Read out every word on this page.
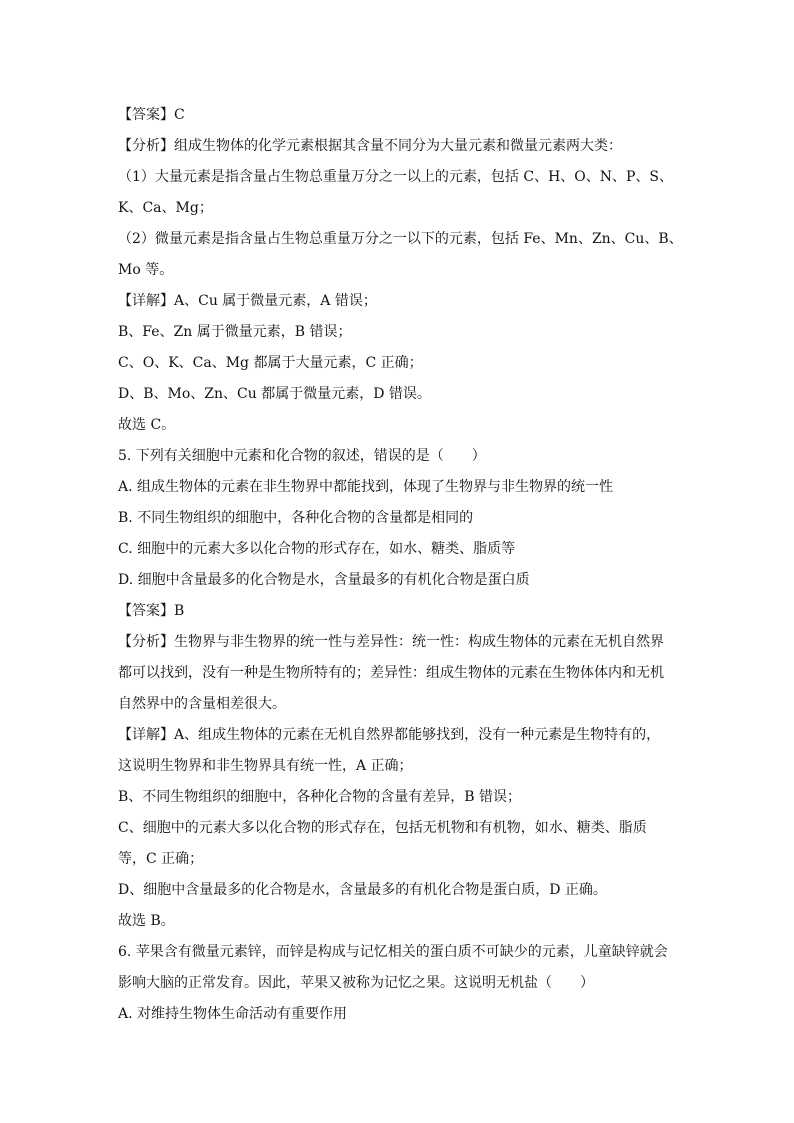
【答案】C

【分析】组成生物体的化学元素根据其含量不同分为大量元素和微量元素两大类：

（1）大量元素是指含量占生物总重量万分之一以上的元素，包括 C、H、O、N、P、S、

K、Ca、Mg；

（2）微量元素是指含量占生物总重量万分之一以下的元素，包括 Fe、Mn、Zn、Cu、B、

Mo 等。

【详解】A、Cu 属于微量元素，A 错误；

B、Fe、Zn 属于微量元素，B 错误；

C、O、K、Ca、Mg 都属于大量元素，C 正确；

D、B、Mo、Zn、Cu 都属于微量元素，D 错误。

故选 C。

5. 下列有关细胞中元素和化合物的叙述，错误的是（　　）

A. 组成生物体的元素在非生物界中都能找到，体现了生物界与非生物界的统一性

B. 不同生物组织的细胞中，各种化合物的含量都是相同的

C. 细胞中的元素大多以化合物的形式存在，如水、糖类、脂质等

D. 细胞中含量最多的化合物是水，含量最多的有机化合物是蛋白质

【答案】B

【分析】生物界与非生物界的统一性与差异性：统一性：构成生物体的元素在无机自然界

都可以找到，没有一种是生物所特有的；差异性：组成生物体的元素在生物体体内和无机

自然界中的含量相差很大。

【详解】A、组成生物体的元素在无机自然界都能够找到，没有一种元素是生物特有的，

这说明生物界和非生物界具有统一性，A 正确；

B、不同生物组织的细胞中，各种化合物的含量有差异，B 错误；

C、细胞中的元素大多以化合物的形式存在，包括无机物和有机物，如水、糖类、脂质

等，C 正确；

D、细胞中含量最多的化合物是水，含量最多的有机化合物是蛋白质，D 正确。

故选 B。

6. 苹果含有微量元素锌，而锌是构成与记忆相关的蛋白质不可缺少的元素，儿童缺锌就会

影响大脑的正常发育。因此，苹果又被称为记忆之果。这说明无机盐（　　）

A. 对维持生物体生命活动有重要作用
